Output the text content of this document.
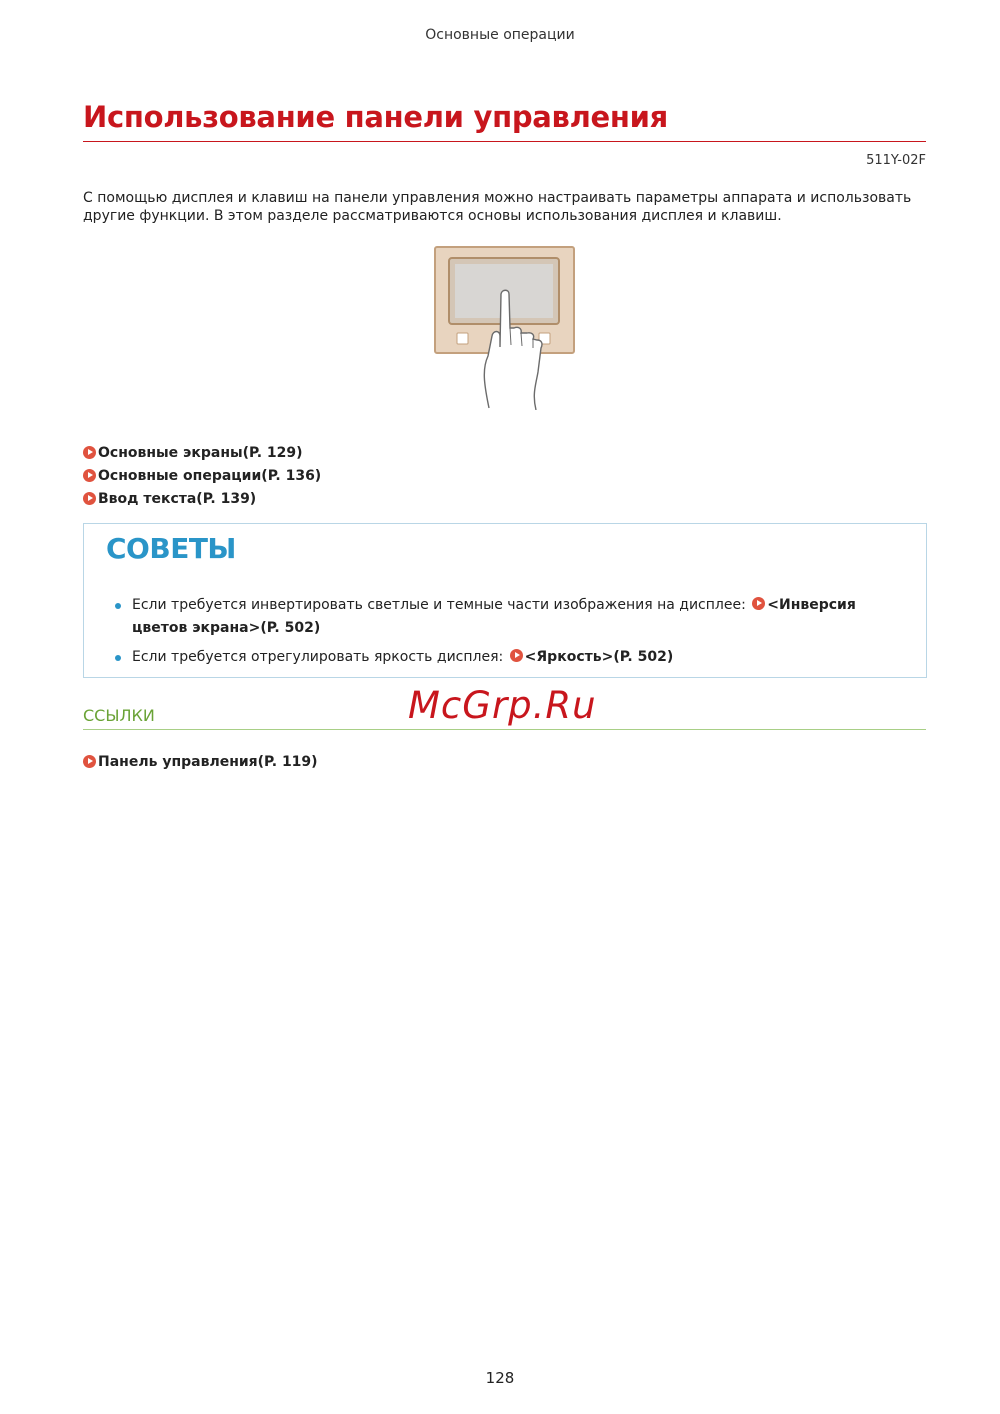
Основные операции
Использование панели управления
511Y-02F

С помощью дисплея и клавиш на панели управления можно настраивать параметры аппарата и использовать другие функции. В этом разделе рассматриваются основы использования дисплея и клавиш.

Основные экраны(P. 129)
Основные операции(P. 136)
Ввод текста(P. 139)
СОВЕТЫ
Если требуется инвертировать светлые и темные части изображения на дисплее: <Инверсия цветов экрана>(P. 502)
Если требуется отрегулировать яркость дисплея: <Яркость>(P. 502)
ССЫЛКИ	McGrp.Ru
Панель управления(P. 119)
128
